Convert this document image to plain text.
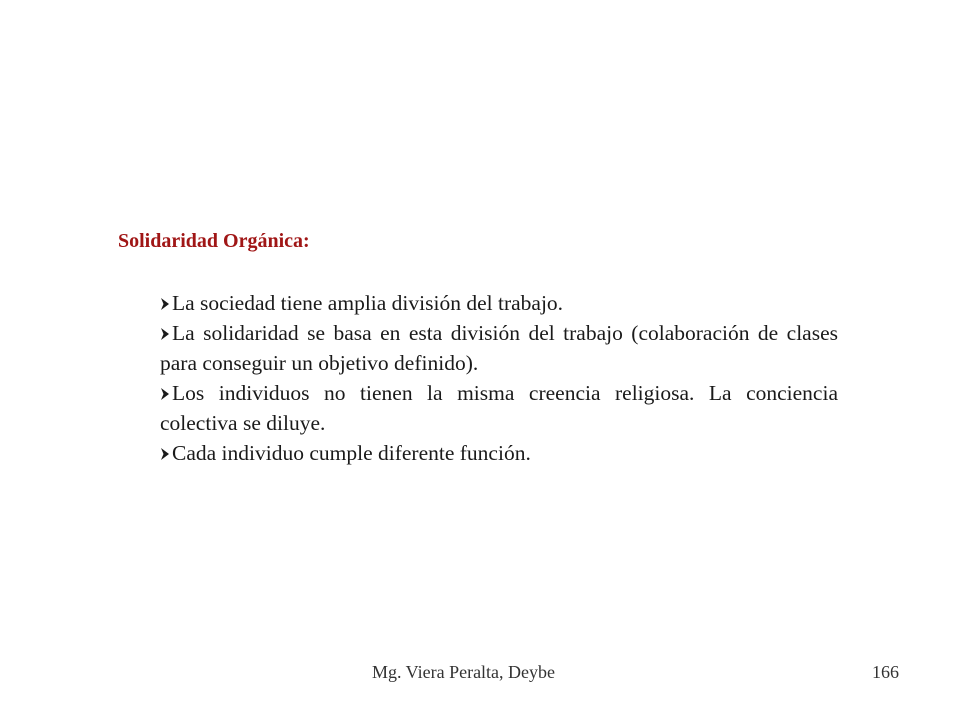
Solidaridad Orgánica:
La sociedad tiene amplia división del trabajo.
La solidaridad se basa en esta división del trabajo (colaboración de clases para conseguir un objetivo definido).
Los individuos no tienen la misma creencia religiosa. La conciencia colectiva se diluye.
Cada individuo cumple diferente función.
Mg. Viera Peralta, Deybe	166
